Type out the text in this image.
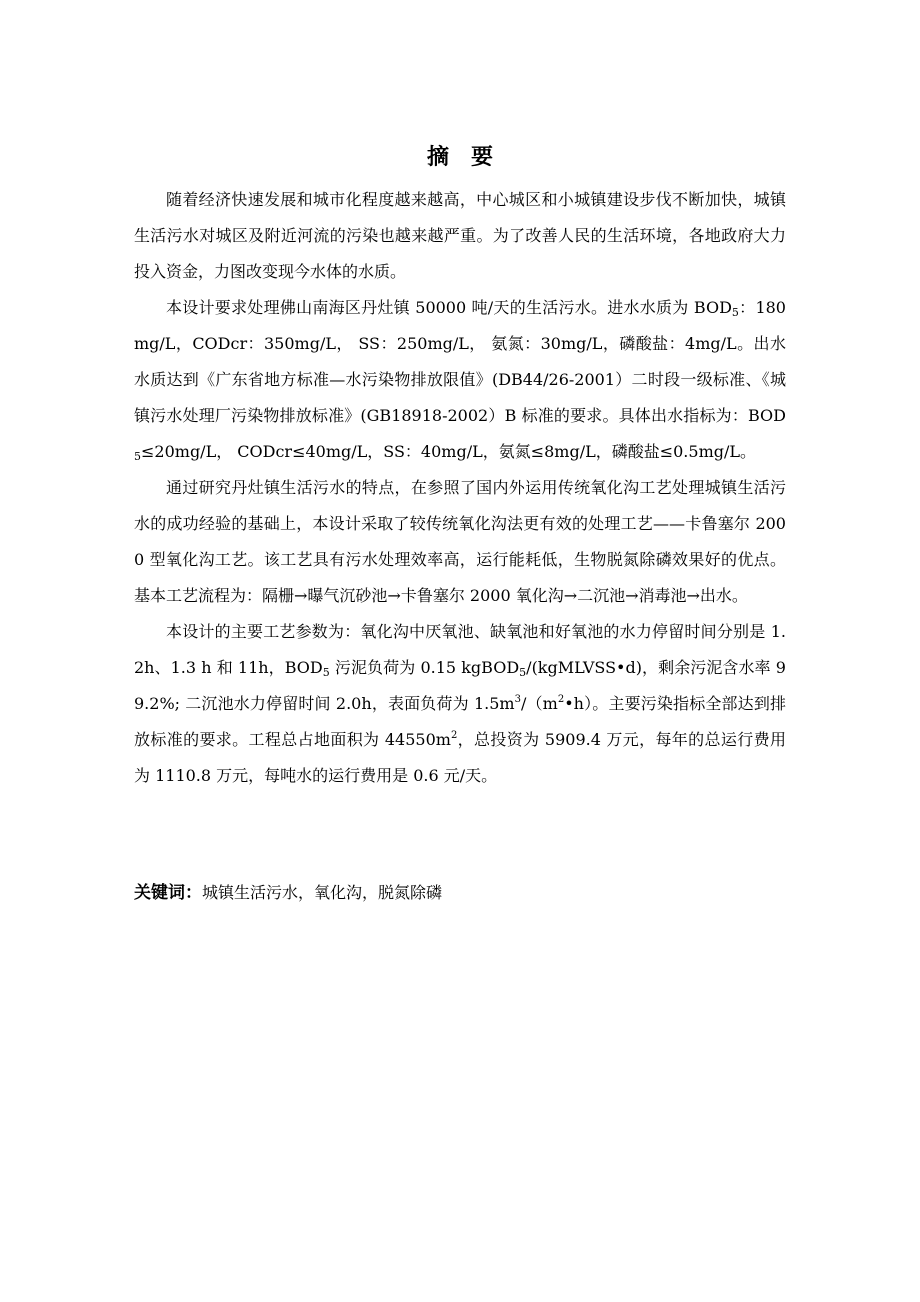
摘 要

随着经济快速发展和城市化程度越来越高，中心城区和小城镇建设步伐不断加快，城镇生活污水对城区及附近河流的污染也越来越严重。为了改善人民的生活环境，各地政府大力投入资金，力图改变现今水体的水质。

本设计要求处理佛山南海区丹灶镇 50000 吨/天的生活污水。进水水质为 $BOD_5$：180mg/L，CODcr：350mg/L， SS：250mg/L， 氨氮：30mg/L，磷酸盐：4mg/L。出水水质达到《广东省地方标准—水污染物排放限值》(DB44/26-2001）二时段一级标准、《城镇污水处理厂污染物排放标准》(GB18918-2002）B 标准的要求。具体出水指标为：$BOD_5\le 20mg/L$， CODcr≤40mg/L，SS：40mg/L，氨氮≤8mg/L，磷酸盐≤0.5mg/L。

通过研究丹灶镇生活污水的特点，在参照了国内外运用传统氧化沟工艺处理城镇生活污水的成功经验的基础上，本设计采取了较传统氧化沟法更有效的处理工艺——卡鲁塞尔 2000 型氧化沟工艺。该工艺具有污水处理效率高，运行能耗低，生物脱氮除磷效果好的优点。基本工艺流程为：隔栅→曝气沉砂池→卡鲁塞尔 2000 氧化沟→二沉池→消毒池→出水。

本设计的主要工艺参数为：氧化沟中厌氧池、缺氧池和好氧池的水力停留时间分别是 1.2h、1.3 h 和 11h，$BOD_5$ 污泥负荷为 0.15 kgBOD$_5$/(kgMLVSS•d)，剩余污泥含水率 99.2%; 二沉池水力停留时间 2.0h，表面负荷为 $1.5m^3/(m^2•h)$。主要污染指标全部达到排放标准的要求。工程总占地面积为 $44550m^2$，总投资为 5909.4 万元，每年的总运行费用为 1110.8 万元，每吨水的运行费用是 0.6 元/天。

关键词：城镇生活污水，氧化沟，脱氮除磷
